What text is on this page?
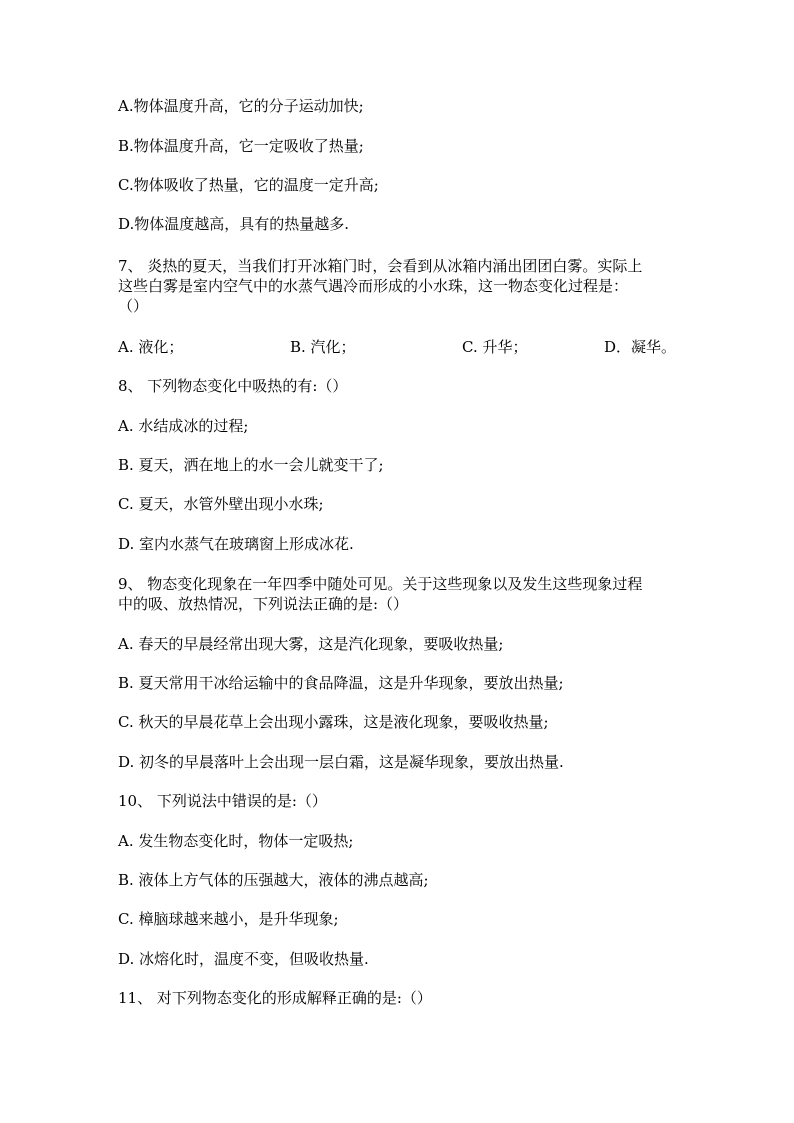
A.物体温度升高，它的分子运动加快;
B.物体温度升高，它一定吸收了热量;
C.物体吸收了热量，它的温度一定升高;
D.物体温度越高，具有的热量越多.
7、 炎热的夏天，当我们打开冰箱门时，会看到从冰箱内涌出团团白雾。实际上
这些白雾是室内空气中的水蒸气遇冷而形成的小水珠，这一物态变化过程是：
（）
A. 液化；	B. 汽化；	C. 升华；	D．凝华。
8、 下列物态变化中吸热的有:（）
A. 水结成冰的过程;
B. 夏天，洒在地上的水一会儿就变干了;
C. 夏天，水管外壁出现小水珠;
D. 室内水蒸气在玻璃窗上形成冰花.
9、 物态变化现象在一年四季中随处可见。关于这些现象以及发生这些现象过程
中的吸、放热情况，下列说法正确的是:（）
A. 春天的早晨经常出现大雾，这是汽化现象，要吸收热量;
B. 夏天常用干冰给运输中的食品降温，这是升华现象，要放出热量;
C. 秋天的早晨花草上会出现小露珠，这是液化现象，要吸收热量;
D. 初冬的早晨落叶上会出现一层白霜，这是凝华现象，要放出热量.
10、 下列说法中错误的是:（）
A. 发生物态变化时，物体一定吸热;
B. 液体上方气体的压强越大，液体的沸点越高;
C. 樟脑球越来越小，是升华现象;
D. 冰熔化时，温度不变，但吸收热量.
11、 对下列物态变化的形成解释正确的是:（）
